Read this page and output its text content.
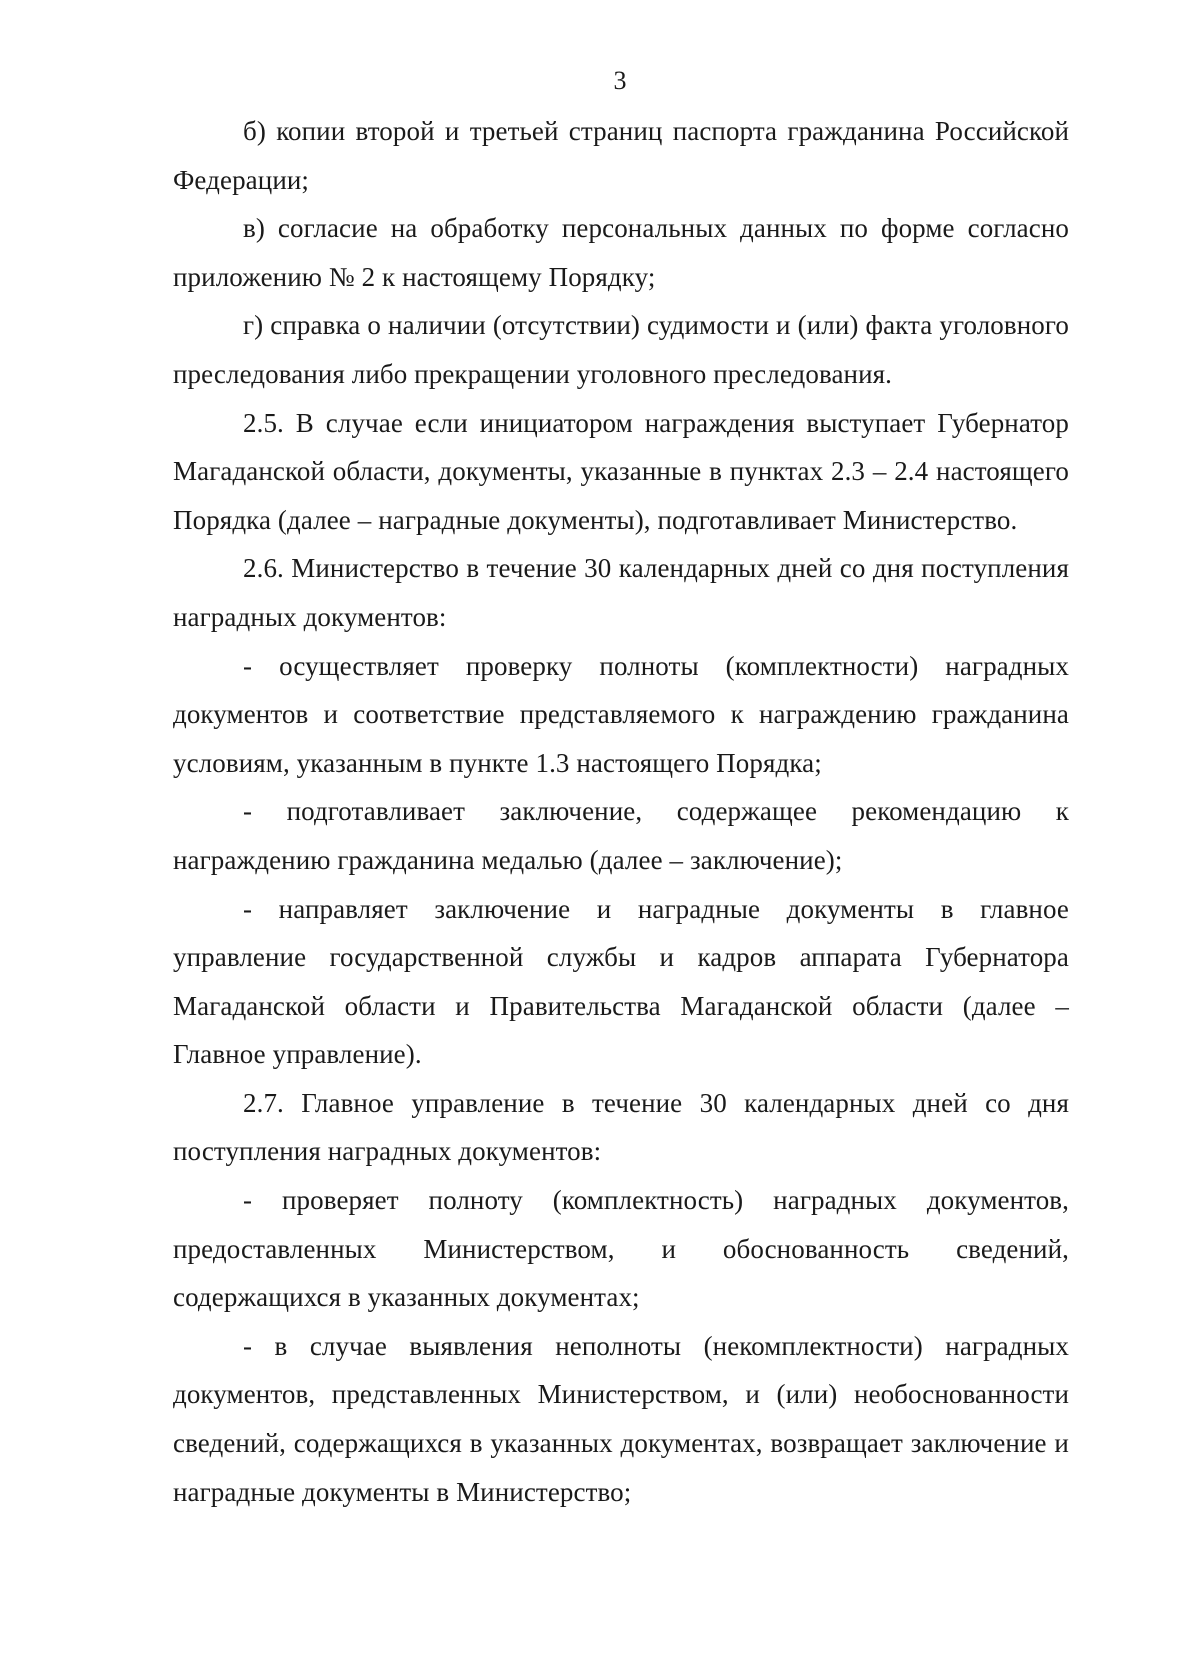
3

б) копии второй и третьей страниц паспорта гражданина Российской Федерации;

в) согласие на обработку персональных данных по форме согласно приложению № 2 к настоящему Порядку;

г) справка о наличии (отсутствии) судимости и (или) факта уголовного преследования либо прекращении уголовного преследования.

2.5. В случае если инициатором награждения выступает Губернатор Магаданской области, документы, указанные в пунктах 2.3 – 2.4 настоящего Порядка (далее – наградные документы), подготавливает Министерство.

2.6. Министерство в течение 30 календарных дней со дня поступления наградных документов:

- осуществляет проверку полноты (комплектности) наградных документов и соответствие представляемого к награждению гражданина условиям, указанным в пункте 1.3 настоящего Порядка;

- подготавливает заключение, содержащее рекомендацию к награждению гражданина медалью (далее – заключение);

- направляет заключение и наградные документы в главное управление государственной службы и кадров аппарата Губернатора Магаданской области и Правительства Магаданской области (далее – Главное управление).

2.7. Главное управление в течение 30 календарных дней со дня поступления наградных документов:

- проверяет полноту (комплектность) наградных документов, предоставленных Министерством, и обоснованность сведений, содержащихся в указанных документах;

- в случае выявления неполноты (некомплектности) наградных документов, представленных Министерством, и (или) необоснованности сведений, содержащихся в указанных документах, возвращает заключение и наградные документы в Министерство;
